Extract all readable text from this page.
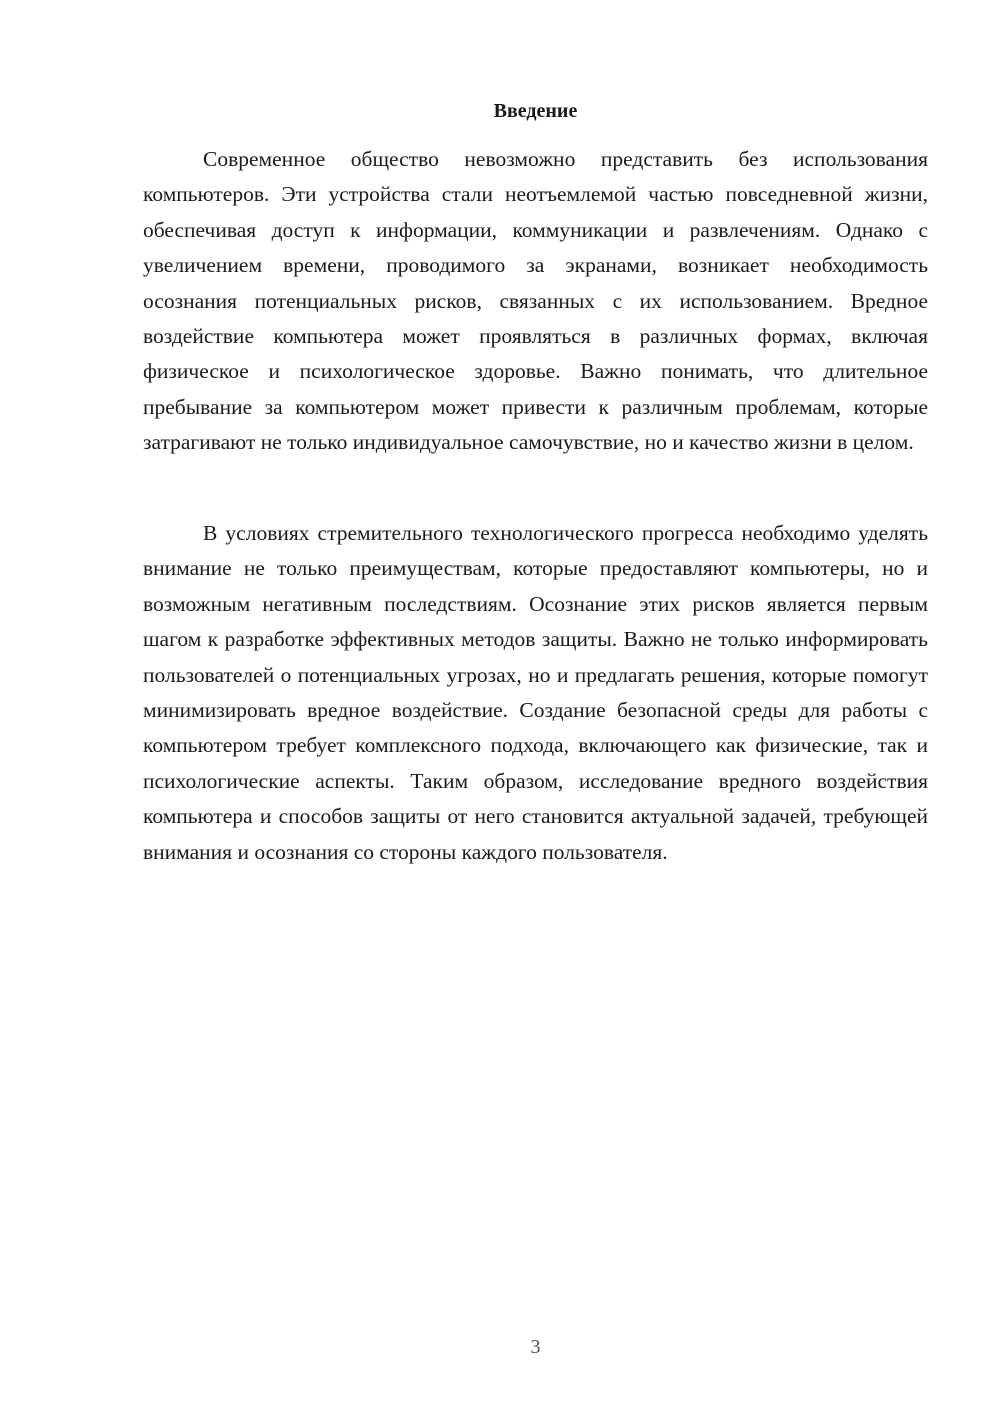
Введение

Современное общество невозможно представить без использования компьютеров. Эти устройства стали неотъемлемой частью повседневной жизни, обеспечивая доступ к информации, коммуникации и развлечениям. Однако с увеличением времени, проводимого за экранами, возникает необходимость осознания потенциальных рисков, связанных с их использованием. Вредное воздействие компьютера может проявляться в различных формах, включая физическое и психологическое здоровье. Важно понимать, что длительное пребывание за компьютером может привести к различным проблемам, которые затрагивают не только индивидуальное самочувствие, но и качество жизни в целом.

В условиях стремительного технологического прогресса необходимо уделять внимание не только преимуществам, которые предоставляют компьютеры, но и возможным негативным последствиям. Осознание этих рисков является первым шагом к разработке эффективных методов защиты. Важно не только информировать пользователей о потенциальных угрозах, но и предлагать решения, которые помогут минимизировать вредное воздействие. Создание безопасной среды для работы с компьютером требует комплексного подхода, включающего как физические, так и психологические аспекты. Таким образом, исследование вредного воздействия компьютера и способов защиты от него становится актуальной задачей, требующей внимания и осознания со стороны каждого пользователя.

3
